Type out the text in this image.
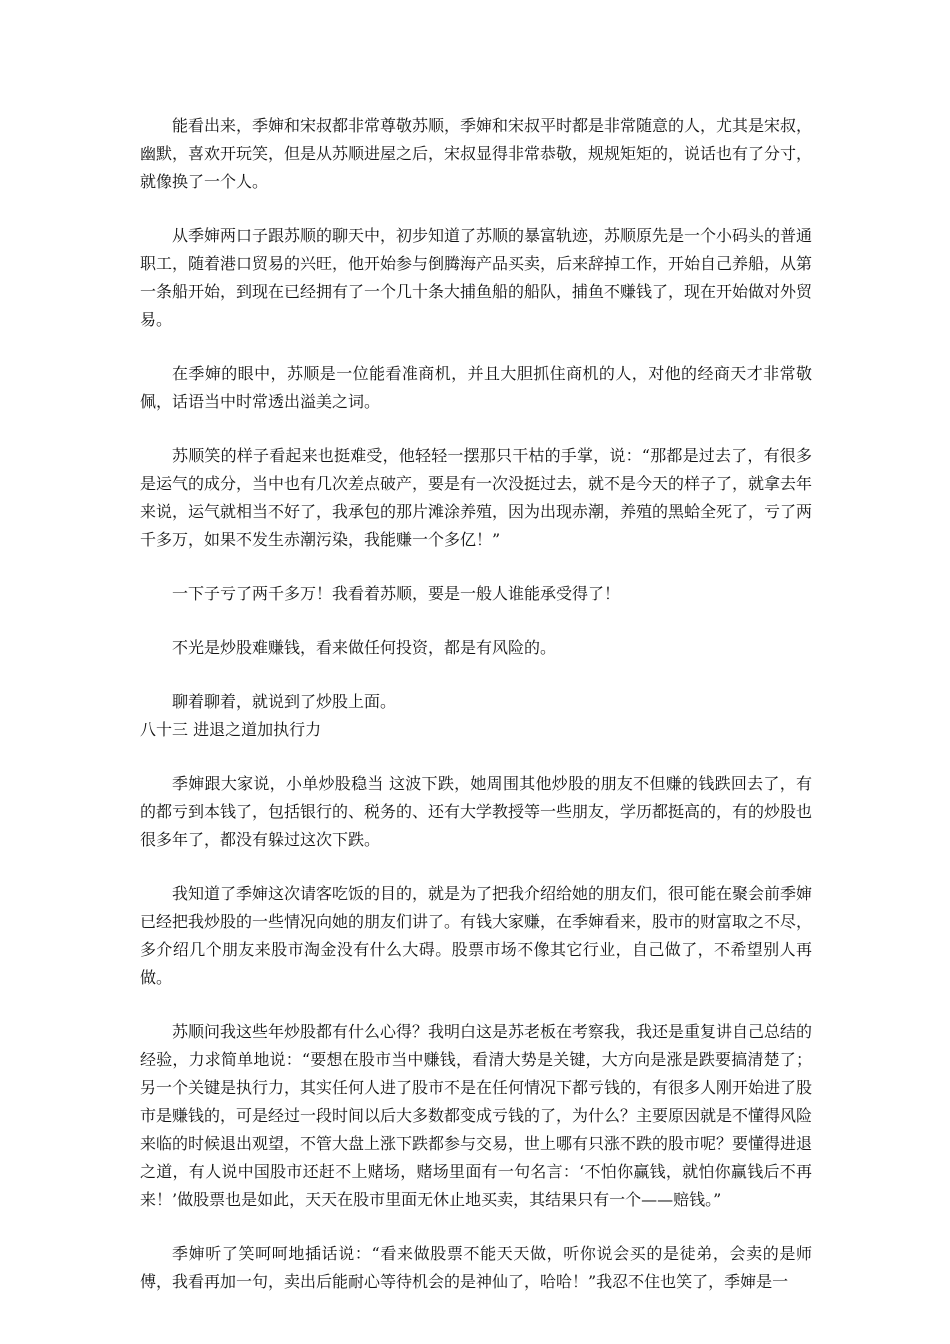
能看出来，季婶和宋叔都非常尊敬苏顺，季婶和宋叔平时都是非常随意的人，尤其是宋叔，幽默，喜欢开玩笑，但是从苏顺进屋之后，宋叔显得非常恭敬，规规矩矩的，说话也有了分寸，就像换了一个人。

从季婶两口子跟苏顺的聊天中，初步知道了苏顺的暴富轨迹，苏顺原先是一个小码头的普通职工，随着港口贸易的兴旺，他开始参与倒腾海产品买卖，后来辞掉工作，开始自己养船，从第一条船开始，到现在已经拥有了一个几十条大捕鱼船的船队，捕鱼不赚钱了，现在开始做对外贸易。

在季婶的眼中，苏顺是一位能看准商机，并且大胆抓住商机的人，对他的经商天才非常敬佩，话语当中时常透出溢美之词。

苏顺笑的样子看起来也挺难受，他轻轻一摆那只干枯的手掌，说：“那都是过去了，有很多是运气的成分，当中也有几次差点破产，要是有一次没挺过去，就不是今天的样子了，就拿去年来说，运气就相当不好了，我承包的那片滩涂养殖，因为出现赤潮，养殖的黑蛤全死了，亏了两千多万，如果不发生赤潮污染，我能赚一个多亿！”

一下子亏了两千多万！我看着苏顺，要是一般人谁能承受得了！

不光是炒股难赚钱，看来做任何投资，都是有风险的。

聊着聊着，就说到了炒股上面。

八十三 进退之道加执行力

季婶跟大家说，小单炒股稳当 这波下跌，她周围其他炒股的朋友不但赚的钱跌回去了，有的都亏到本钱了，包括银行的、税务的、还有大学教授等一些朋友，学历都挺高的，有的炒股也很多年了，都没有躲过这次下跌。

我知道了季婶这次请客吃饭的目的，就是为了把我介绍给她的朋友们，很可能在聚会前季婶已经把我炒股的一些情况向她的朋友们讲了。有钱大家赚，在季婶看来，股市的财富取之不尽，多介绍几个朋友来股市淘金没有什么大碍。股票市场不像其它行业，自己做了，不希望别人再做。

苏顺问我这些年炒股都有什么心得？我明白这是苏老板在考察我，我还是重复讲自己总结的经验，力求简单地说：“要想在股市当中赚钱，看清大势是关键，大方向是涨是跌要搞清楚了；另一个关键是执行力，其实任何人进了股市不是在任何情况下都亏钱的，有很多人刚开始进了股市是赚钱的，可是经过一段时间以后大多数都变成亏钱的了，为什么？主要原因就是不懂得风险来临的时候退出观望，不管大盘上涨下跌都参与交易，世上哪有只涨不跌的股市呢？要懂得进退之道，有人说中国股市还赶不上赌场，赌场里面有一句名言：‘不怕你赢钱，就怕你赢钱后不再来！’做股票也是如此，天天在股市里面无休止地买卖，其结果只有一个——赔钱。”

季婶听了笑呵呵地插话说：“看来做股票不能天天做，听你说会买的是徒弟，会卖的是师傅，我看再加一句，卖出后能耐心等待机会的是神仙了，哈哈！”我忍不住也笑了，季婶是一
